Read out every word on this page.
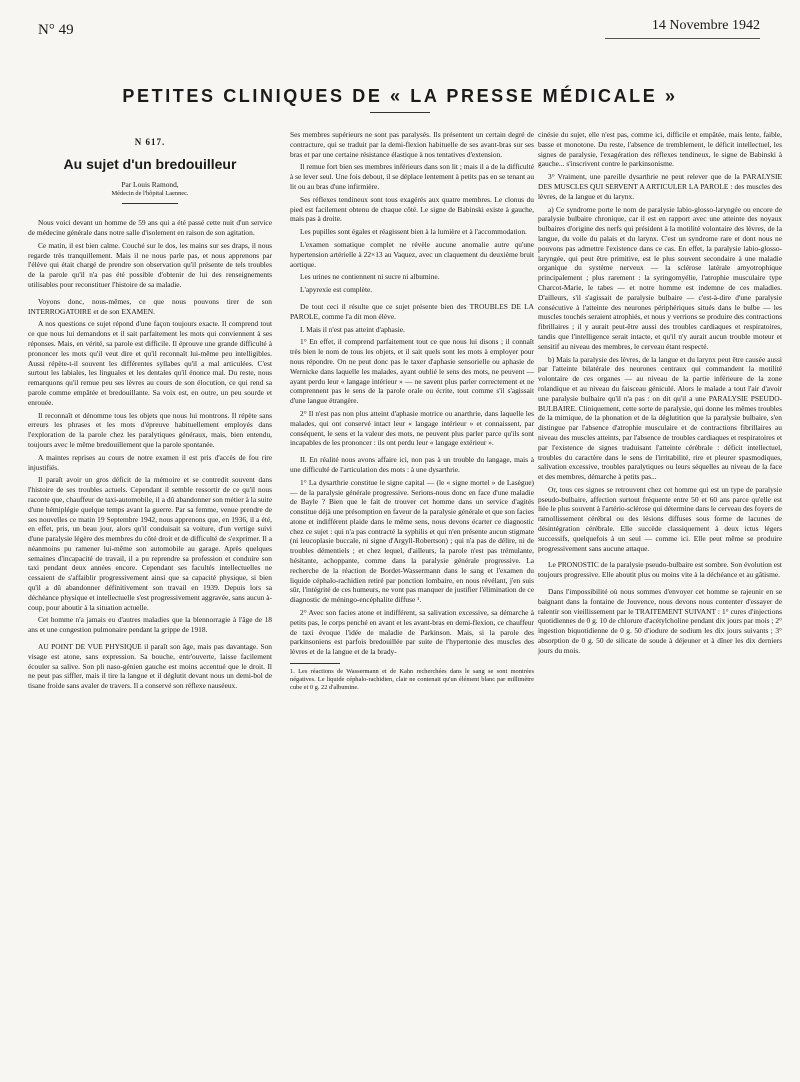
N° 49	14 Novembre 1942
PETITES CLINIQUES DE « LA PRESSE MÉDICALE »
N 617.
Au sujet d'un bredouilleur
Par Louis Ramond,
Médecin de l'hôpital Laennec.

Nous voici devant un homme de 59 ans qui a été passé cette nuit d'un service de médecine générale dans notre salle d'isolement en raison de son agitation.

Ce matin, il est bien calme. Couché sur le dos, les mains sur ses draps, il nous regarde très tranquillement. Mais il ne nous parle pas, et nous apprenons par l'élève qui était chargé de prendre son observation qu'il présente de tels troubles de la parole qu'il n'a pas été possible d'obtenir de lui des renseignements utilisables pour reconstituer l'histoire de sa maladie.

Voyons donc, nous-mêmes, ce que nous pouvons tirer de son INTERROGATOIRE et de son EXAMEN.

A nos questions ce sujet répond d'une façon toujours exacte. Il comprend tout ce que nous lui demandons et il sait parfaitement les mots qui conviennent à ses réponses. Mais, en vérité, sa parole est difficile. Il éprouve une grande difficulté à prononcer les mots qu'il veut dire et qu'il reconnaît lui-même peu intelligibles. Aussi répète-t-il souvent les différentes syllabes qu'il a mal articulées. C'est surtout les labiales, les linguales et les dentales qu'il énonce mal. Du reste, nous remarquons qu'il remue peu ses lèvres au cours de son élocution, ce qui rend sa parole comme empâtée et bredouillante. Sa voix est, en outre, un peu sourde et enrouée.

Il reconnaît et dénomme tous les objets que nous lui montrons. Il répète sans erreurs les phrases et les mots d'épreuve habituellement employés dans l'exploration de la parole chez les paralytiques généraux, mais, bien entendu, toujours avec le même bredouillement que la parole spontanée.

A maintes reprises au cours de notre examen il est pris d'accès de fou rire injustifiés.

Il paraît avoir un gros déficit de la mémoire et se contredit souvent dans l'histoire de ses troubles actuels. Cependant il semble ressortir de ce qu'il nous raconte que, chauffeur de taxi-automobile, il a dû abandonner son métier à la suite d'une hémiplégie quelque temps avant la guerre. Par sa femme, venue prendre de ses nouvelles ce matin 19 Septembre 1942, nous apprenons que, en 1936, il a été, en effet, pris, un beau jour, alors qu'il conduisait sa voiture, d'un vertige suivi d'une paralysie légère des membres du côté droit et de difficulté de s'exprimer. Il a néanmoins pu ramener lui-même son automobile au garage. Après quelques semaines d'incapacité de travail, il a pu reprendre sa profession et conduire son taxi pendant deux années encore. Cependant ses facultés intellectuelles ne cessaient de s'affaiblir progressivement ainsi que sa capacité physique, si bien qu'il a dû abandonner définitivement son travail en 1939. Depuis lors sa déchéance physique et intellectuelle s'est progressivement aggravée, sans aucun à-coup, pour aboutir à la situation actuelle.

Cet homme n'a jamais eu d'autres maladies que la blennorragie à l'âge de 18 ans et une congestion pulmonaire pendant la grippe de 1918.

AU POINT DE VUE PHYSIQUE il paraît son âge, mais pas davantage. Son visage est atone, sans expression. Sa bouche, entr'ouverte, laisse facilement écouler sa salive. Son pli naso-génien gauche est moins accentué que le droit. Il ne peut pas siffler, mais il tire la langue et il déglutit devant nous un demi-bol de tisane froide sans avaler de travers. Il a conservé son réflexe nauséeux.

Ses membres supérieurs ne sont pas paralysés. Ils présentent un certain degré de contracture, qui se traduit par la demi-flexion habituelle de ses avant-bras sur ses bras et par une certaine résistance élastique à nos tentatives d'extension.

Il remue fort bien ses membres inférieurs dans son lit ; mais il a de la difficulté à se lever seul. Une fois debout, il se déplace lentement à petits pas en se tenant au lit ou au bras d'une infirmière.

Ses réflexes tendineux sont tous exagérés aux quatre membres. Le clonus du pied est facilement obtenu de chaque côté. Le signe de Babinski existe à gauche, mais pas à droite.

Les pupilles sont égales et réagissent bien à la lumière et à l'accommodation.

L'examen somatique complet ne révèle aucune anomalie autre qu'une hypertension artérielle à 22×13 au Vaquez, avec un claquement du deuxième bruit aortique.

Les urines ne contiennent ni sucre ni albumine.

L'apyrexie est complète.

De tout ceci il résulte que ce sujet présente bien des TROUBLES DE LA PAROLE, comme l'a dit mon élève.

I. Mais il n'est pas atteint d'aphasie.

1° En effet, il comprend parfaitement tout ce que nous lui disons ; il connaît très bien le nom de tous les objets, et il sait quels sont les mots à employer pour nous répondre. On ne peut donc pas le taxer d'aphasie sensorielle ou aphasie de Wernicke dans laquelle les malades, ayant oublié le sens des mots, ne peuvent — ayant perdu leur « langage intérieur » — ne savent plus parler correctement et ne comprennent pas le sens de la parole orale ou écrite, tout comme s'il s'agissait d'une langue étrangère.

2° Il n'est pas non plus atteint d'aphasie motrice ou anarthrie, dans laquelle les malades, qui ont conservé intact leur « langage intérieur » et connaissent, par conséquent, le sens et la valeur des mots, ne peuvent plus parler parce qu'ils sont incapables de les prononcer : ils ont perdu leur « langage extérieur ».

II. En réalité nous avons affaire ici, non pas à un trouble du langage, mais à une difficulté de l'articulation des mots : à une dysarthrie.

1° La dysarthrie constitue le signe capital — (le « signe mortel » de Lasègue) — de la paralysie générale progressive. Serions-nous donc en face d'une maladie de Bayle ? Bien que le fait de trouver cet homme dans un service d'agités constitue déjà une présomption en faveur de la paralysie générale et que son facies atone et indifférent plaide dans le même sens, nous devons écarter ce diagnostic chez ce sujet : qui n'a pas contracté la syphilis et qui n'en présente aucun stigmate (ni leucoplasie buccale, ni signe d'Argyll-Robertson) ; qui n'a pas de délire, ni de troubles démentiels ; et chez lequel, d'ailleurs, la parole n'est pas trémulante, hésitante, achoppante, comme dans la paralysie générale progressive. La recherche de la réaction de Bordet-Wassermann dans le sang et l'examen du liquide céphalo-rachidien retiré par ponction lombaire, en nous révélant, j'en suis sûr, l'intégrité de ces humeurs, ne vont pas manquer de justifier l'élimination de ce diagnostic de méningo-encéphalite diffuse ¹.

2° Avec son facies atone et indifférent, sa salivation excessive, sa démarche à petits pas, le corps penché en avant et les avant-bras en demi-flexion, ce chauffeur de taxi évoque l'idée de maladie de Parkinson. Mais, si la parole des parkinsoniens est parfois bredouillée par suite de l'hypertonie des muscles des lèvres et de la langue et de la brady-

1. Les réactions de Wassermann et de Kahn recherchées dans le sang se sont montrées négatives. Le liquide céphalo-rachidien, clair ne contenait qu'un élément blanc par millimètre cube et 0 g. 22 d'albumine.

cinésie du sujet, elle n'est pas, comme ici, difficile et empâtée, mais lente, faible, basse et monotone. Du reste, l'absence de tremblement, le déficit intellectuel, les signes de paralysie, l'exagération des réflexes tendineux, le signe de Babinski à gauche... s'inscrivent contre le parkinsonisme.

3° Vraiment, une pareille dysarthrie ne peut relever que de la PARALYSIE DES MUSCLES QUI SERVENT A ARTICULER LA PAROLE : des muscles des lèvres, de la langue et du larynx.

a) Ce syndrome porte le nom de paralysie labio-glosso-laryngée ou encore de paralysie bulbaire chronique, car il est en rapport avec une atteinte des noyaux bulbaires d'origine des nerfs qui président à la motilité volontaire des lèvres, de la langue, du voile du palais et du larynx. C'est un syndrome rare et dont nous ne pouvons pas admettre l'existence dans ce cas. En effet, la paralysie labio-glosso-laryngée, qui peut être primitive, est le plus souvent secondaire à une maladie organique du système nerveux — la sclérose latérale amyotrophique principalement ; plus rarement : la syringomyélie, l'atrophie musculaire type Charcot-Marie, le tabes — et notre homme est indemne de ces maladies. D'ailleurs, s'il s'agissait de paralysie bulbaire — c'est-à-dire d'une paralysie consécutive à l'atteinte des neurones périphériques situés dans le bulbe — les muscles touchés seraient atrophiés, et nous y verrions se produire des contractions fibrillaires ; il y aurait peut-être aussi des troubles cardiaques et respiratoires, tandis que l'intelligence serait intacte, et qu'il n'y aurait aucun trouble moteur et sensitif au niveau des membres, le cerveau étant respecté.

b) Mais la paralysie des lèvres, de la langue et du larynx peut être causée aussi par l'atteinte bilatérale des neurones centraux qui commandent la motilité volontaire de ces organes — au niveau de la partie inférieure de la zone rolandique et au niveau du faisceau géniculé. Alors le malade a tout l'air d'avoir une paralysie bulbaire qu'il n'a pas : on dit qu'il a une PARALYSIE PSEUDO-BULBAIRE. Cliniquement, cette sorte de paralysie, qui donne les mêmes troubles de la mimique, de la phonation et de la déglutition que la paralysie bulbaire, s'en distingue par l'absence d'atrophie musculaire et de contractions fibrillaires au niveau des muscles atteints, par l'absence de troubles cardiaques et respiratoires et par l'existence de signes traduisant l'atteinte cérébrale : déficit intellectuel, troubles du caractère dans le sens de l'irritabilité, rire et pleurer spasmodiques, salivation excessive, troubles paralytiques ou leurs séquelles au niveau de la face et des membres, démarche à petits pas...

Or, tous ces signes se retrouvent chez cet homme qui est un type de paralysie pseudo-bulbaire, affection surtout fréquente entre 50 et 60 ans parce qu'elle est liée le plus souvent à l'artério-sclérose qui détermine dans le cerveau des foyers de ramollissement cérébral ou des lésions diffuses sous forme de lacunes de désintégration cérébrale. Elle succède classiquement à deux ictus légers successifs, quelquefois à un seul — comme ici. Elle peut même se produire progressivement sans aucune attaque.

Le PRONOSTIC de la paralysie pseudo-bulbaire est sombre. Son évolution est toujours progressive. Elle aboutit plus ou moins vite à la déchéance et au gâtisme.

Dans l'impossibilité où nous sommes d'envoyer cet homme se rajeunir en se baignant dans la fontaine de Jouvence, nous devons nous contenter d'essayer de ralentir son vieillissement par le TRAITEMENT SUIVANT : 1° cures d'injections quotidiennes de 0 g. 10 de chlorure d'acétylcholine pendant dix jours par mois ; 2° ingestion biquotidienne de 0 g. 50 d'iodure de sodium les dix jours suivants ; 3° absorption de 0 g. 50 de silicate de soude à déjeuner et à dîner les dix derniers jours du mois.
